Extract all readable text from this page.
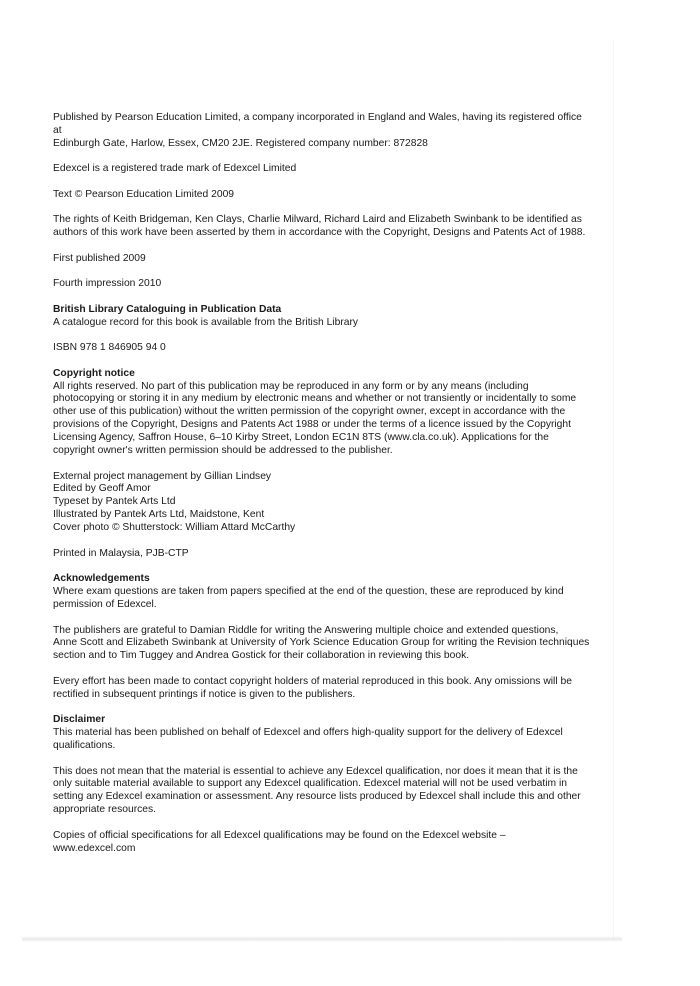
Published by Pearson Education Limited, a company incorporated in England and Wales, having its registered office at
Edinburgh Gate, Harlow, Essex, CM20 2JE. Registered company number: 872828

Edexcel is a registered trade mark of Edexcel Limited

Text © Pearson Education Limited 2009

The rights of Keith Bridgeman, Ken Clays, Charlie Milward, Richard Laird and Elizabeth Swinbank to be identified as
authors of this work have been asserted by them in accordance with the Copyright, Designs and Patents Act of 1988.

First published 2009

Fourth impression 2010

British Library Cataloguing in Publication Data

A catalogue record for this book is available from the British Library

ISBN 978 1 846905 94 0

Copyright notice

All rights reserved. No part of this publication may be reproduced in any form or by any means (including
photocopying or storing it in any medium by electronic means and whether or not transiently or incidentally to some
other use of this publication) without the written permission of the copyright owner, except in accordance with the
provisions of the Copyright, Designs and Patents Act 1988 or under the terms of a licence issued by the Copyright
Licensing Agency, Saffron House, 6–10 Kirby Street, London EC1N 8TS (www.cla.co.uk). Applications for the
copyright owner's written permission should be addressed to the publisher.

External project management by Gillian Lindsey

Edited by Geoff Amor

Typeset by Pantek Arts Ltd

Illustrated by Pantek Arts Ltd, Maidstone, Kent

Cover photo © Shutterstock: William Attard McCarthy

Printed in Malaysia, PJB-CTP

Acknowledgements

Where exam questions are taken from papers specified at the end of the question, these are reproduced by kind
permission of Edexcel.

The publishers are grateful to Damian Riddle for writing the Answering multiple choice and extended questions,
Anne Scott and Elizabeth Swinbank at University of York Science Education Group for writing the Revision techniques
section and to Tim Tuggey and Andrea Gostick for their collaboration in reviewing this book.

Every effort has been made to contact copyright holders of material reproduced in this book. Any omissions will be
rectified in subsequent printings if notice is given to the publishers.

Disclaimer

This material has been published on behalf of Edexcel and offers high-quality support for the delivery of Edexcel
qualifications.

This does not mean that the material is essential to achieve any Edexcel qualification, nor does it mean that it is the
only suitable material available to support any Edexcel qualification. Edexcel material will not be used verbatim in
setting any Edexcel examination or assessment. Any resource lists produced by Edexcel shall include this and other
appropriate resources.

Copies of official specifications for all Edexcel qualifications may be found on the Edexcel website –
www.edexcel.com
